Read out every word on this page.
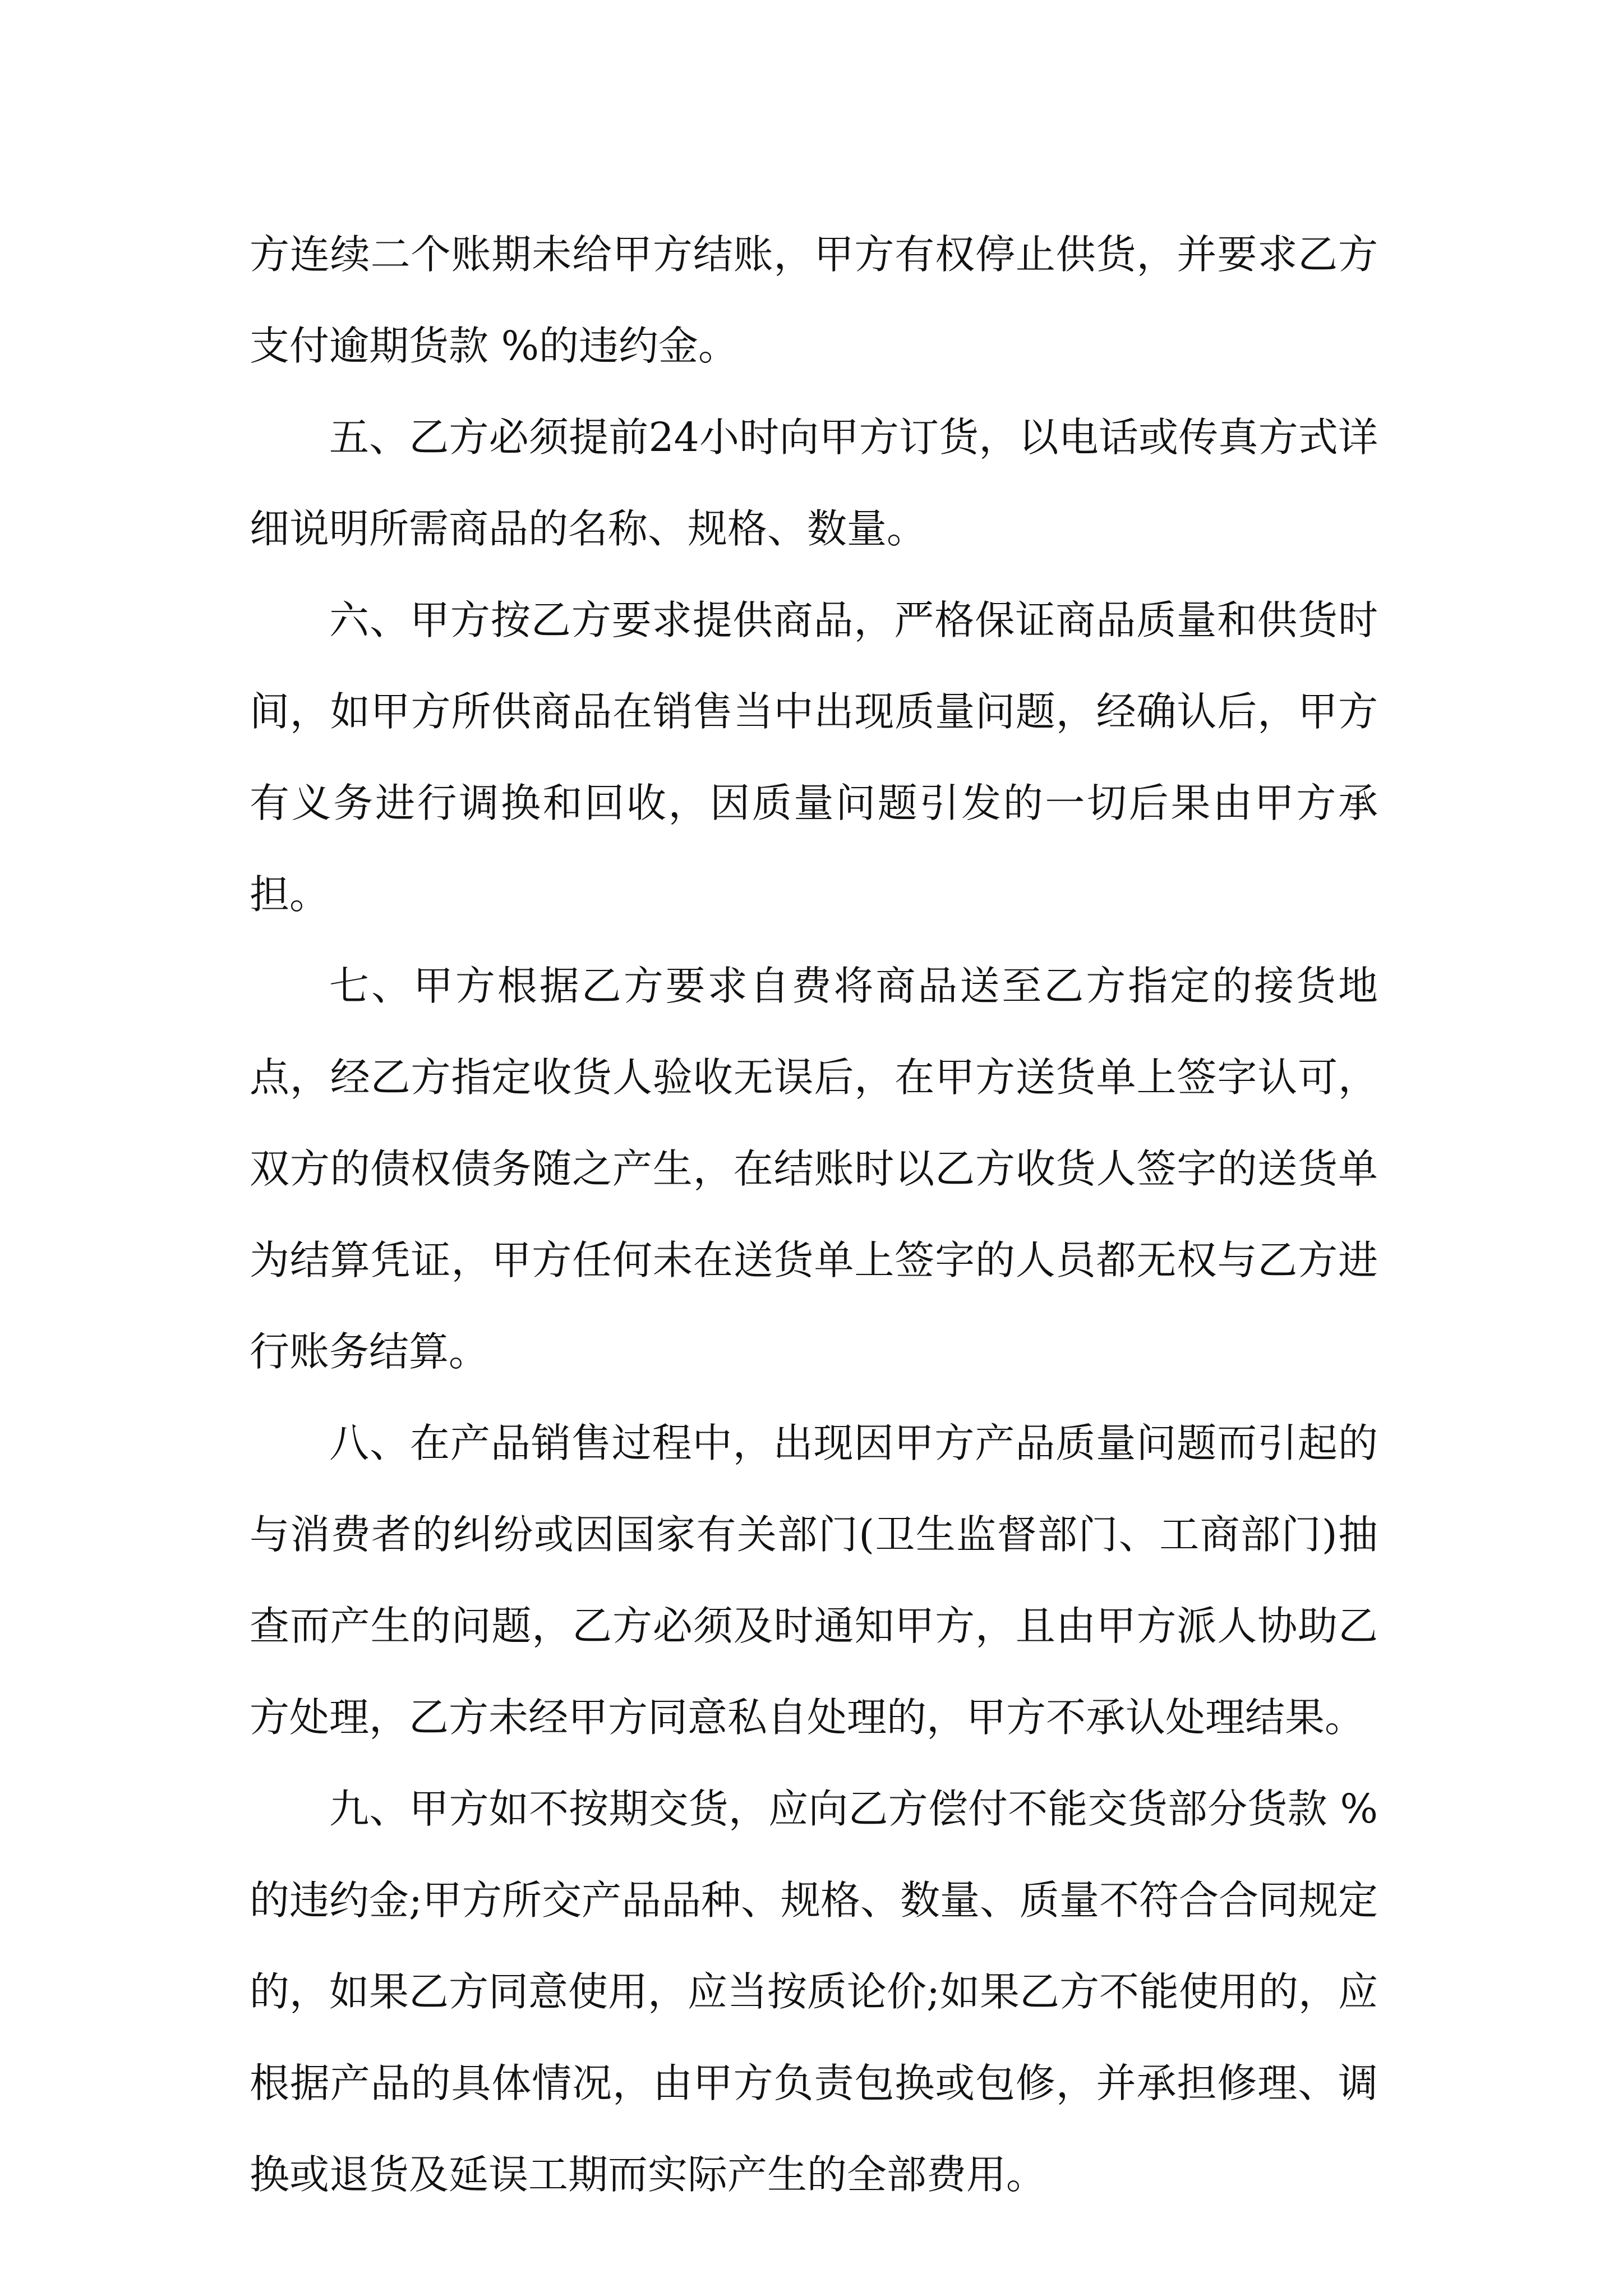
方连续二个账期未给甲方结账，甲方有权停止供货，并要求乙方支付逾期货款 %的违约金。

五、乙方必须提前24小时向甲方订货，以电话或传真方式详细说明所需商品的名称、规格、数量。

六、甲方按乙方要求提供商品，严格保证商品质量和供货时间，如甲方所供商品在销售当中出现质量问题，经确认后，甲方有义务进行调换和回收，因质量问题引发的一切后果由甲方承担。

七、甲方根据乙方要求自费将商品送至乙方指定的接货地点，经乙方指定收货人验收无误后，在甲方送货单上签字认可，双方的债权债务随之产生，在结账时以乙方收货人签字的送货单为结算凭证，甲方任何未在送货单上签字的人员都无权与乙方进行账务结算。

八、在产品销售过程中，出现因甲方产品质量问题而引起的与消费者的纠纷或因国家有关部门(卫生监督部门、工商部门)抽查而产生的问题，乙方必须及时通知甲方，且由甲方派人协助乙方处理，乙方未经甲方同意私自处理的，甲方不承认处理结果。

九、甲方如不按期交货，应向乙方偿付不能交货部分货款 %的违约金;甲方所交产品品种、规格、数量、质量不符合合同规定的，如果乙方同意使用，应当按质论价;如果乙方不能使用的，应根据产品的具体情况，由甲方负责包换或包修，并承担修理、调换或退货及延误工期而实际产生的全部费用。
